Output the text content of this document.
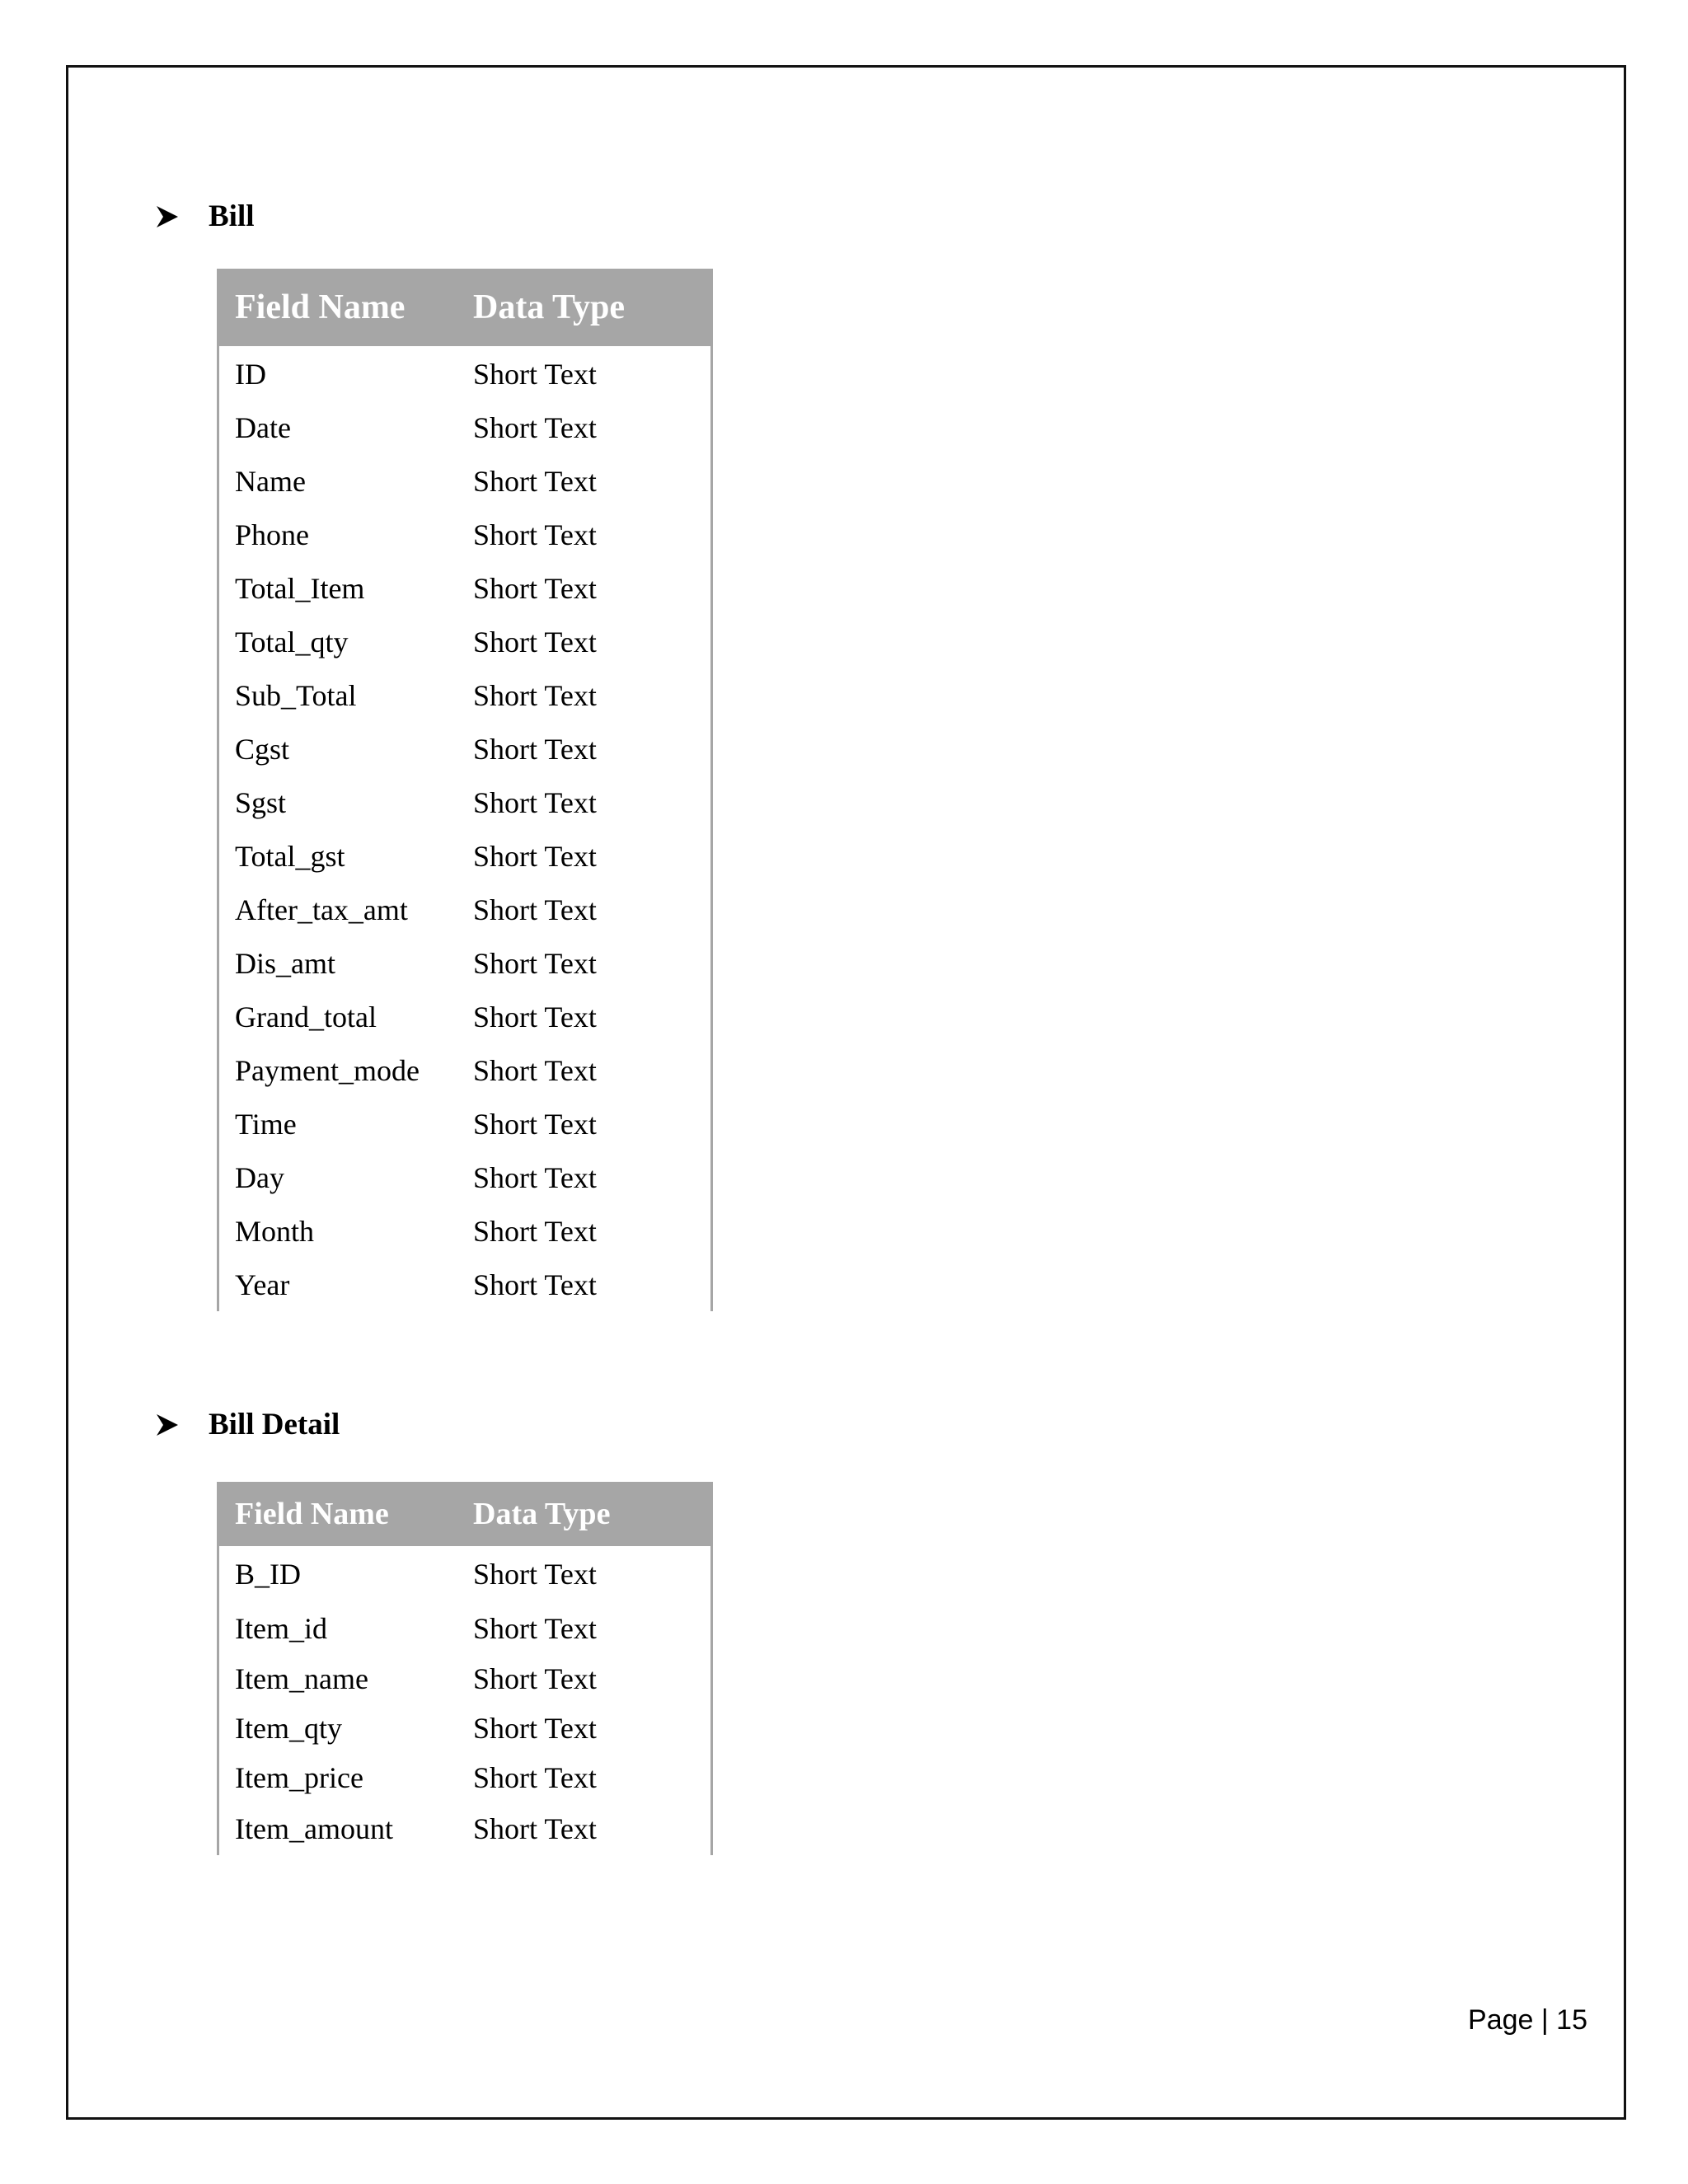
Bill
Field Name	Data Type
ID	Short Text
Date	Short Text
Name	Short Text
Phone	Short Text
Total_Item	Short Text
Total_qty	Short Text
Sub_Total	Short Text
Cgst	Short Text
Sgst	Short Text
Total_gst	Short Text
After_tax_amt	Short Text
Dis_amt	Short Text
Grand_total	Short Text
Payment_mode	Short Text
Time	Short Text
Day	Short Text
Month	Short Text
Year	Short Text
Bill Detail
Field Name	Data Type
B_ID	Short Text
Item_id	Short Text
Item_name	Short Text
Item_qty	Short Text
Item_price	Short Text
Item_amount	Short Text
Page | 15
